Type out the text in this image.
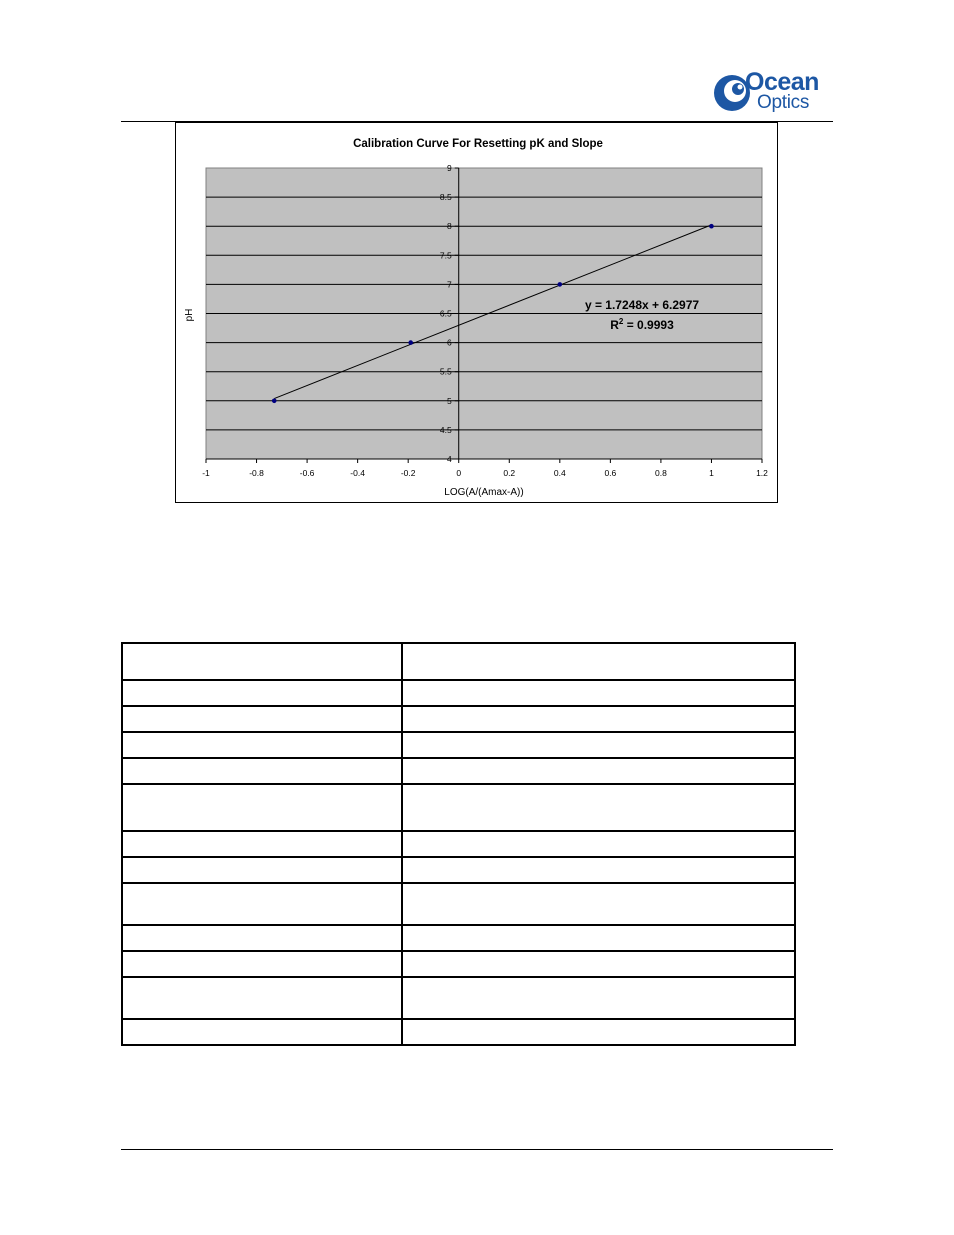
Ocean
Optics
Calibration Curve For Resetting pK and Slope
4
4.5
5
5.5
6
6.5
7
7.5
8
8.5
9
-1	-0.8	-0.6	-0.4	-0.2	0	0.2	0.4	0.6	0.8	1	1.2
y = 1.7248x + 6.2977
$R^2 = 0.9993$
LOG(A/(Amax-A))
pH
